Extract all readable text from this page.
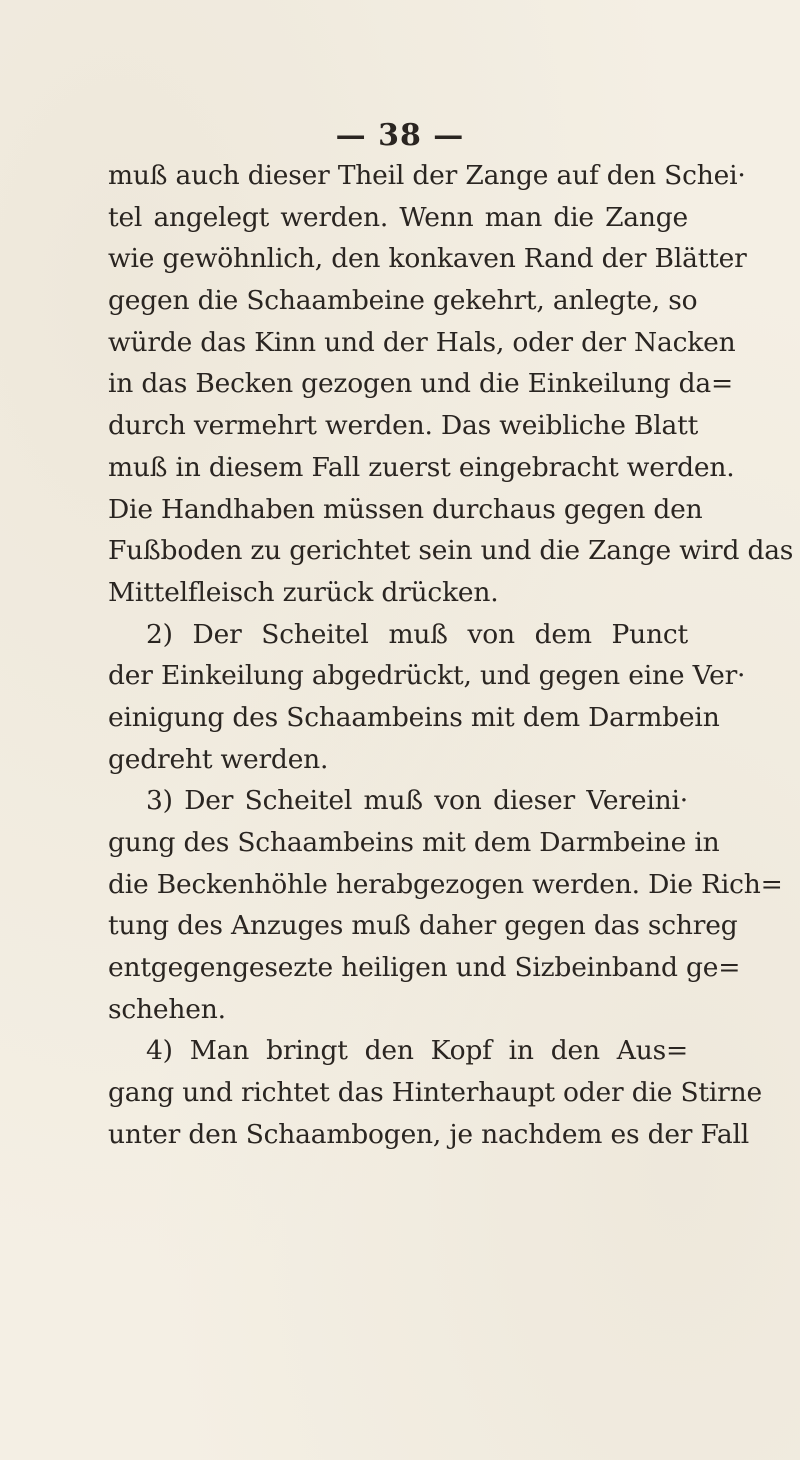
— 38 —
muß auch dieser Theil der Zange auf den Schei·
tel angelegt werden. Wenn man die Zange
wie gewöhnlich, den konkaven Rand der Blätter
gegen die Schaambeine gekehrt, anlegte, so
würde das Kinn und der Hals, oder der Nacken
in das Becken gezogen und die Einkeilung da=
durch vermehrt werden. Das weibliche Blatt
muß in diesem Fall zuerst eingebracht werden.
Die Handhaben müssen durchaus gegen den
Fußboden zu gerichtet sein und die Zange wird das
Mittelfleisch zurück drücken.
2) Der Scheitel muß von dem Punct
der Einkeilung abgedrückt, und gegen eine Ver·
einigung des Schaambeins mit dem Darmbein
gedreht werden.
3) Der Scheitel muß von dieser Vereini·
gung des Schaambeins mit dem Darmbeine in
die Beckenhöhle herabgezogen werden. Die Rich=
tung des Anzuges muß daher gegen das schreg
entgegengesezte heiligen und Sizbeinband ge=
schehen.
4) Man bringt den Kopf in den Aus=
gang und richtet das Hinterhaupt oder die Stirne
unter den Schaambogen, je nachdem es der Fall
